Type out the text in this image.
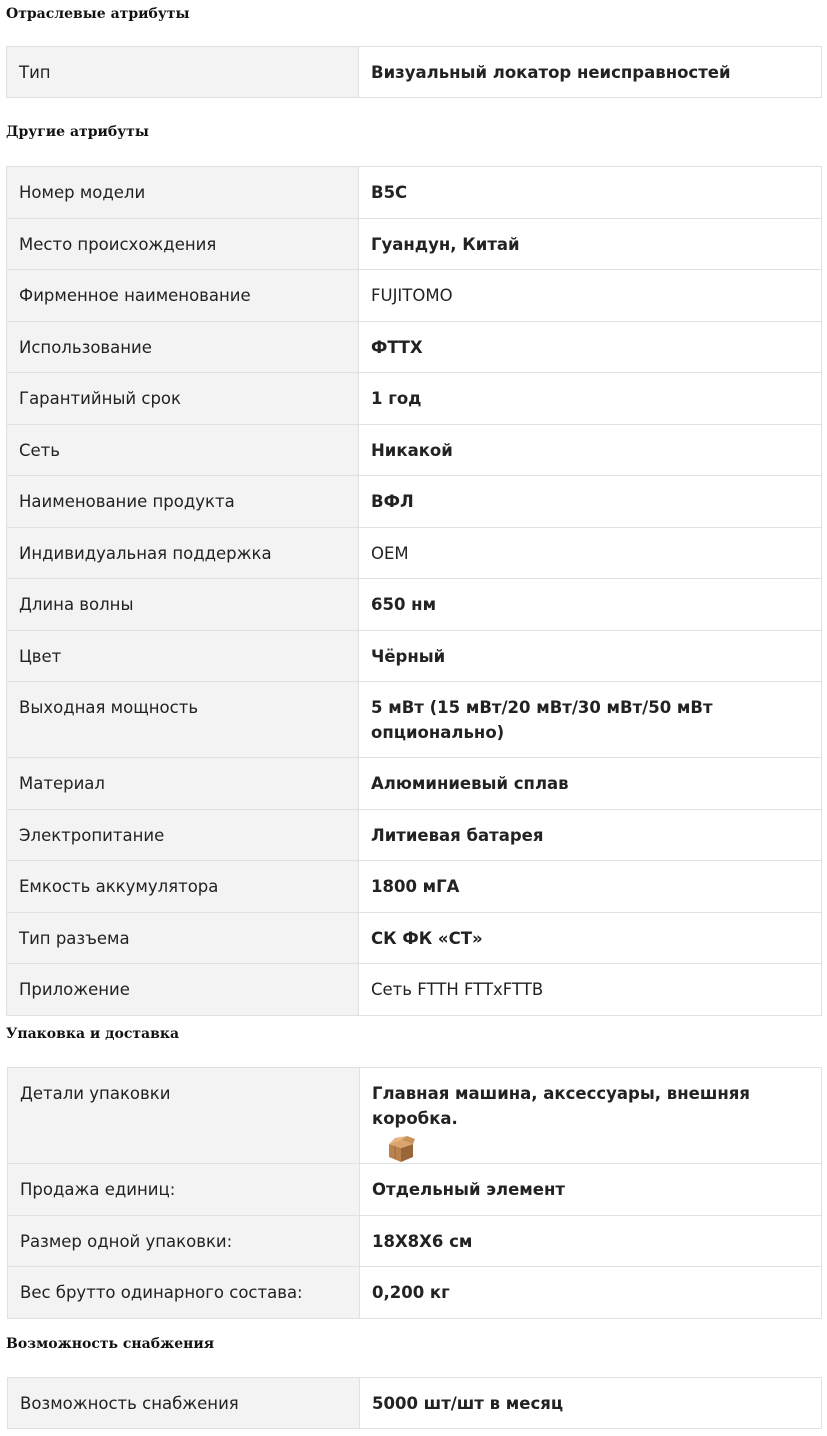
Отраслевые атрибуты
Тип	Визуальный локатор неисправностей
Другие атрибуты
Номер модели	B5C
Место происхождения	Гуандун, Китай
Фирменное наименование	FUJITOMO
Использование	ФТТХ
Гарантийный срок	1 год
Сеть	Никакой
Наименование продукта	ВФЛ
Индивидуальная поддержка	OEM
Длина волны	650 нм
Цвет	Чёрный
Выходная мощность	5 мВт (15 мВт/20 мВт/30 мВт/50 мВт опционально)
Материал	Алюминиевый сплав
Электропитание	Литиевая батарея
Емкость аккумулятора	1800 мГА
Тип разъема	СК ФК «СТ»
Приложение	Сеть FTTH FTTxFTTB
Упаковка и доставка
Детали упаковки	Главная машина, аксессуары, внешняя коробка.

Продажа единиц:	Отдельный элемент
Размер одной упаковки:	18X8X6 см
Вес брутто одинарного состава:	0,200 кг
Возможность снабжения
Возможность снабжения	5000 шт/шт в месяц
